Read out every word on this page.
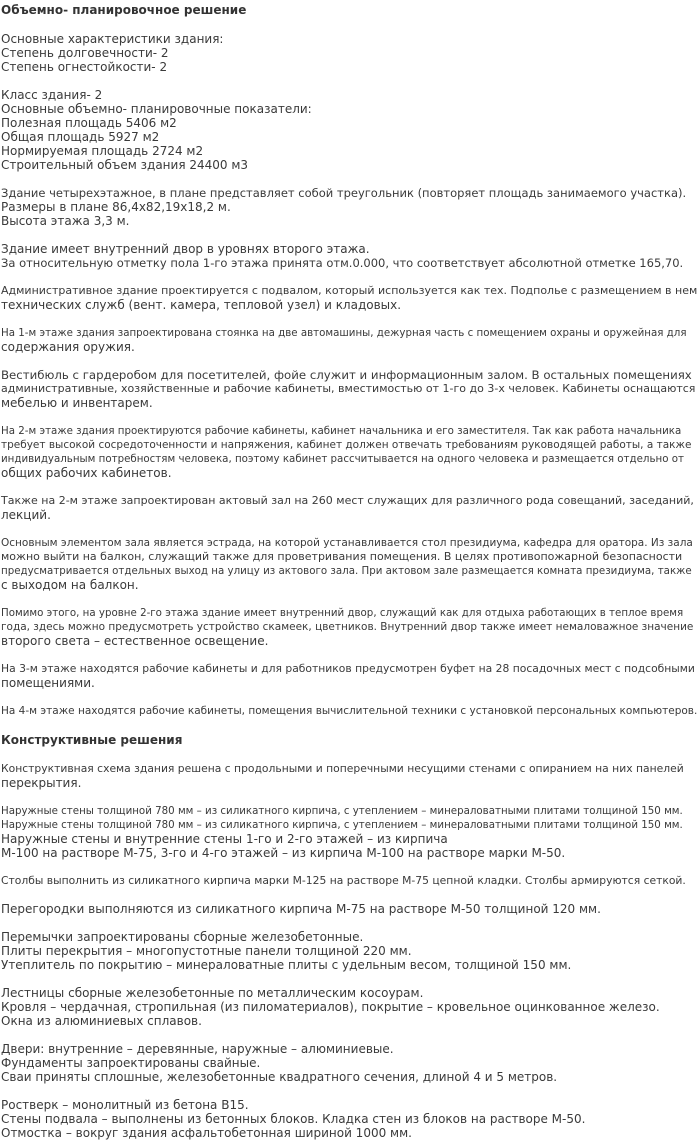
Объемно- планировочное решение

Основные характеристики здания:
Степень долговечности- 2
Степень огнестойкости- 2

Класс здания- 2
Основные объемно- планировочные показатели:
Полезная площадь 5406 м2
Общая площадь 5927 м2
Нормируемая площадь 2724 м2
Строительный объем здания 24400 м3

Здание четырехэтажное, в плане представляет собой треугольник (повторяет площадь занимаемого участка).
Размеры в плане 86,4х82,19х18,2 м.
Высота этажа 3,3 м.

Здание имеет внутренний двор в уровнях второго этажа.
За относительную отметку пола 1-го этажа принята отм.0.000, что соответствует абсолютной отметке 165,70.

Административное здание проектируется с подвалом, который используется как тех. Подполье с размещением в нем
технических служб (вент. камера, тепловой узел) и кладовых.

На 1-м этаже здания запроектирована стоянка на две автомашины, дежурная часть с помещением охраны и оружейная для
содержания оружия.

Вестибюль с гардеробом для посетителей, фойе служит и информационным залом. В остальных помещениях
административные, хозяйственные и рабочие кабинеты, вместимостью от 1-го до 3-х человек. Кабинеты оснащаются
мебелью и инвентарем.

На 2-м этаже здания проектируются рабочие кабинеты, кабинет начальника и его заместителя. Так как работа начальника
требует высокой сосредоточенности и напряжения, кабинет должен отвечать требованиям руководящей работы, а также
индивидуальным потребностям человека, поэтому кабинет рассчитывается на одного человека и размещается отдельно от
общих рабочих кабинетов.

Также на 2-м этаже запроектирован актовый зал на 260 мест служащих для различного рода совещаний, заседаний,
лекций.

Основным элементом зала является эстрада, на которой устанавливается стол президиума, кафедра для оратора. Из зала
можно выйти на балкон, служащий также для проветривания помещения. В целях противопожарной безопасности
предусматривается отдельных выход на улицу из актового зала. При актовом зале размещается комната президиума, также
с выходом на балкон.

Помимо этого, на уровне 2-го этажа здание имеет внутренний двор, служащий как для отдыха работающих в теплое время
года, здесь можно предусмотреть устройство скамеек, цветников. Внутренний двор также имеет немаловажное значение
второго света – естественное освещение.

На 3-м этаже находятся рабочие кабинеты и для работников предусмотрен буфет на 28 посадочных мест с подсобными
помещениями.

На 4-м этаже находятся рабочие кабинеты, помещения вычислительной техники с установкой персональных компьютеров.

Конструктивные решения

Конструктивная схема здания решена с продольными и поперечными несущими стенами с опиранием на них панелей
перекрытия.

Наружные стены толщиной 780 мм – из силикатного кирпича, с утеплением – минераловатными плитами толщиной 150 мм.
Наружные стены толщиной 780 мм – из силикатного кирпича, с утеплением – минераловатными плитами толщиной 150 мм.
Наружные стены и внутренние стены 1-го и 2-го этажей – из кирпича
М-100 на растворе М-75, 3-го и 4-го этажей – из кирпича М-100 на растворе марки М-50.

Столбы выполнить из силикатного кирпича марки М-125 на растворе М-75 цепной кладки. Столбы армируются сеткой.

Перегородки выполняются из силикатного кирпича М-75 на растворе М-50 толщиной 120 мм.

Перемычки запроектированы сборные железобетонные.
Плиты перекрытия – многопустотные панели толщиной 220 мм.
Утеплитель по покрытию – минераловатные плиты с удельным весом, толщиной 150 мм.

Лестницы сборные железобетонные по металлическим косоурам.
Кровля – чердачная, стропильная (из пиломатериалов), покрытие – кровельное оцинкованное железо.
Окна из алюминиевых сплавов.

Двери: внутренние – деревянные, наружные – алюминиевые.
Фундаменты запроектированы свайные.
Сваи приняты сплошные, железобетонные квадратного сечения, длиной 4 и 5 метров.

Ростверк – монолитный из бетона В15.
Стены подвала – выполнены из бетонных блоков. Кладка стен из блоков на растворе М-50.
Отмостка – вокруг здания асфальтобетонная шириной 1000 мм.
